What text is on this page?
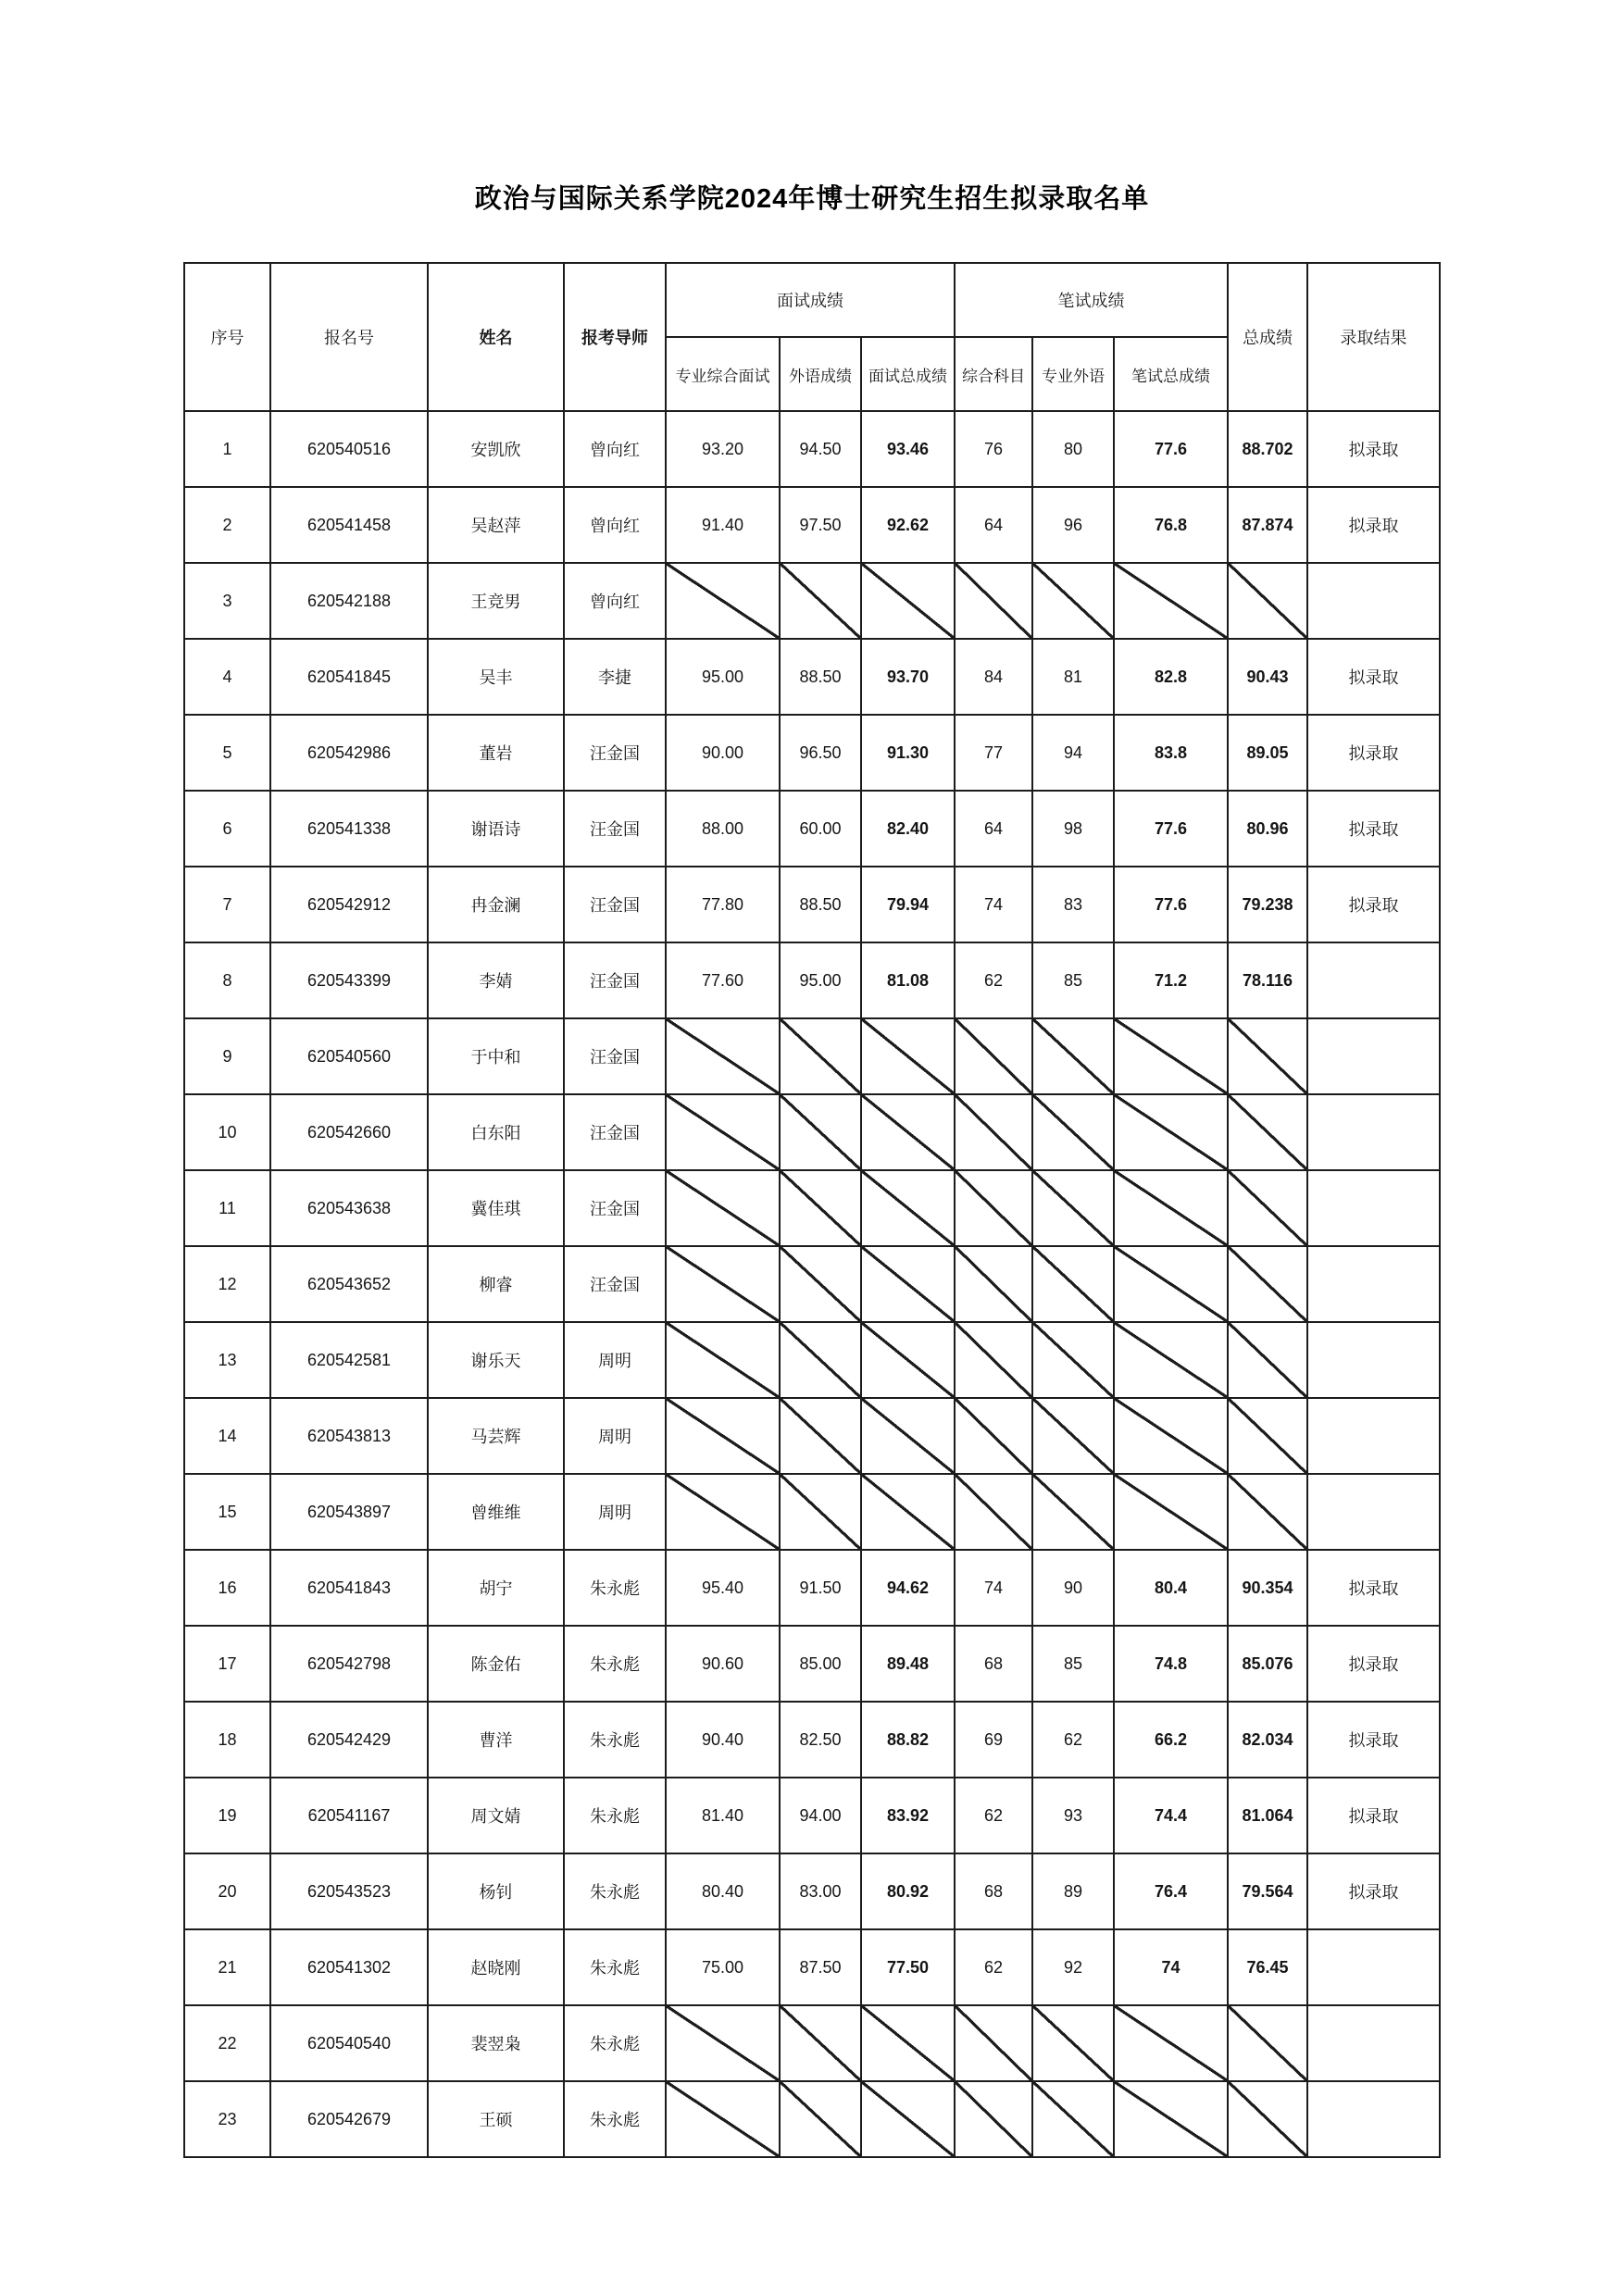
政治与国际关系学院2024年博士研究生招生拟录取名单
序号	报名号	姓名	报考导师	面试成绩			笔试成绩			总成绩	录取结果
				专业综合面试	外语成绩	面试总成绩	综合科目	专业外语	笔试总成绩		
1	620540516	安凯欣	曾向红	93.20	94.50	93.46	76	80	77.6	88.702	拟录取
2	620541458	吴赵萍	曾向红	91.40	97.50	92.62	64	96	76.8	87.874	拟录取
3	620542188	王竞男	曾向红								
4	620541845	吴丰	李捷	95.00	88.50	93.70	84	81	82.8	90.43	拟录取
5	620542986	董岩	汪金国	90.00	96.50	91.30	77	94	83.8	89.05	拟录取
6	620541338	谢语诗	汪金国	88.00	60.00	82.40	64	98	77.6	80.96	拟录取
7	620542912	冉金澜	汪金国	77.80	88.50	79.94	74	83	77.6	79.238	拟录取
8	620543399	李婧	汪金国	77.60	95.00	81.08	62	85	71.2	78.116	
9	620540560	于中和	汪金国								
10	620542660	白东阳	汪金国								
11	620543638	冀佳琪	汪金国								
12	620543652	柳睿	汪金国								
13	620542581	谢乐天	周明								
14	620543813	马芸辉	周明								
15	620543897	曾维维	周明								
16	620541843	胡宁	朱永彪	95.40	91.50	94.62	74	90	80.4	90.354	拟录取
17	620542798	陈金佑	朱永彪	90.60	85.00	89.48	68	85	74.8	85.076	拟录取
18	620542429	曹洋	朱永彪	90.40	82.50	88.82	69	62	66.2	82.034	拟录取
19	620541167	周文婧	朱永彪	81.40	94.00	83.92	62	93	74.4	81.064	拟录取
20	620543523	杨钊	朱永彪	80.40	83.00	80.92	68	89	76.4	79.564	拟录取
21	620541302	赵晓刚	朱永彪	75.00	87.50	77.50	62	92	74	76.45	
22	620540540	裴翌枭	朱永彪								
23	620542679	王硕	朱永彪								
